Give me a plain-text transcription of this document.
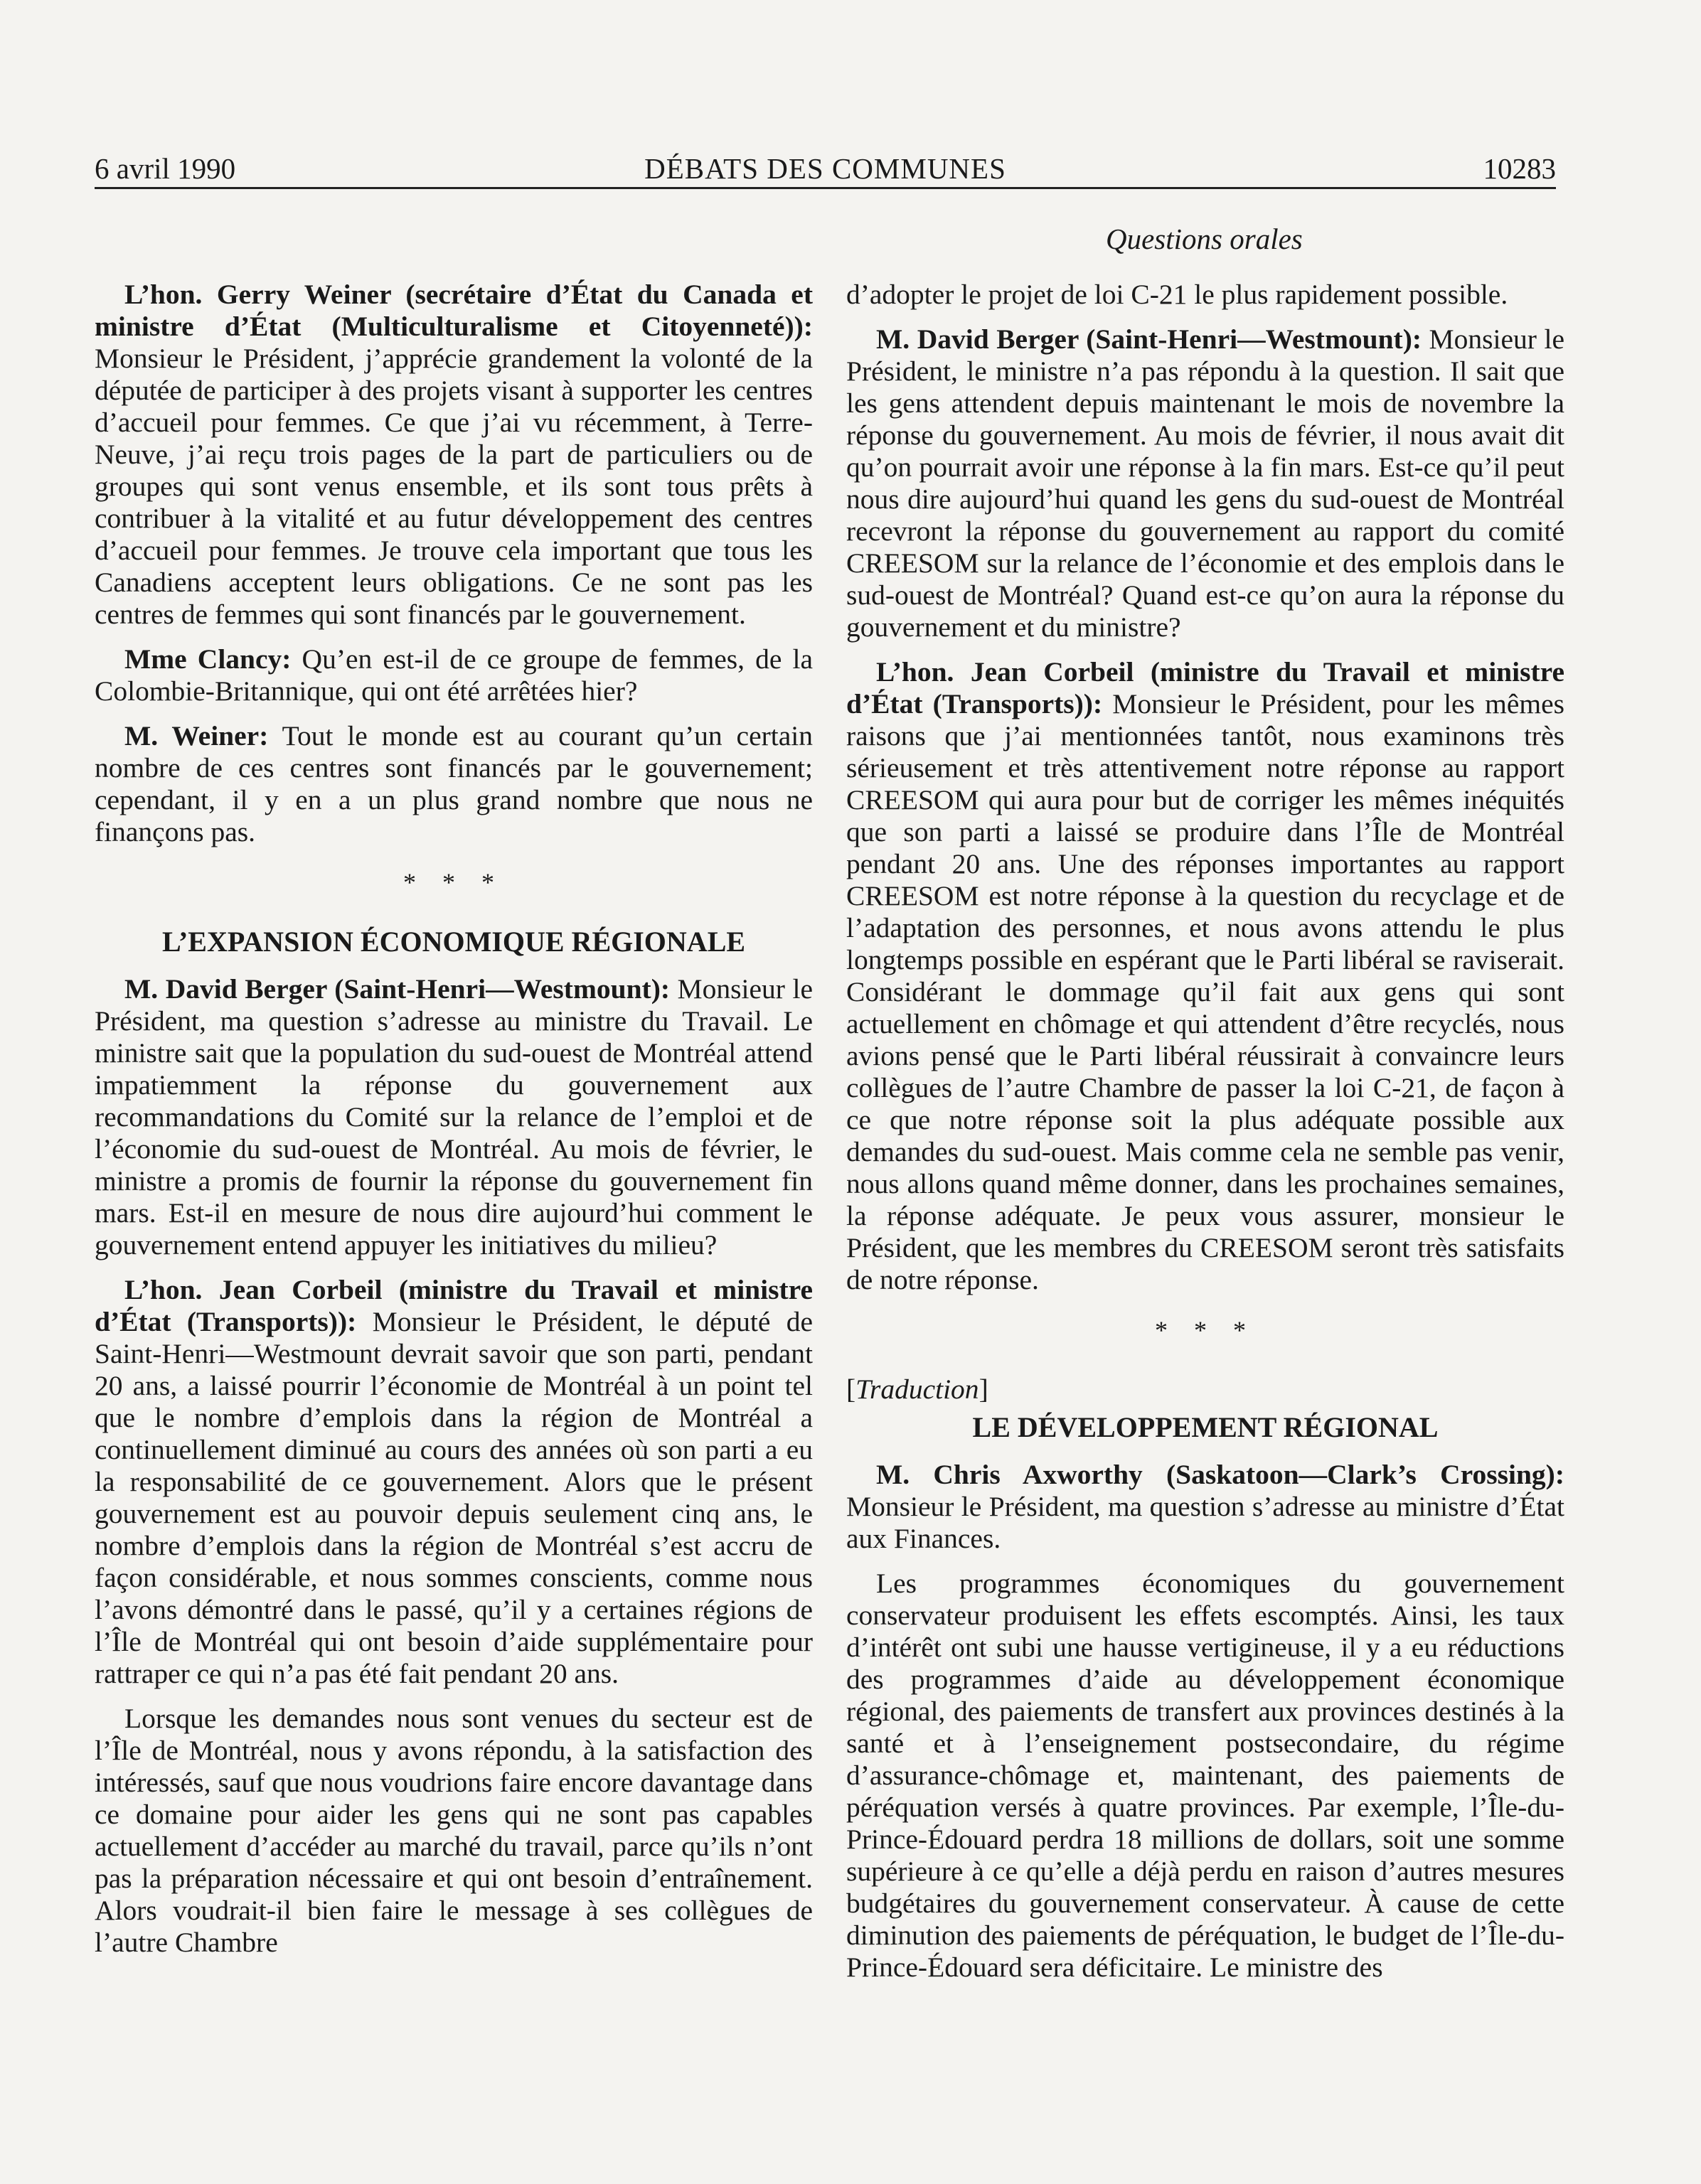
6 avril 1990	DÉBATS DES COMMUNES	10283
Questions orales

L’hon. Gerry Weiner (secrétaire d’État du Canada et ministre d’État (Multiculturalisme et Citoyenneté)): Monsieur le Président, j’apprécie grandement la volonté de la députée de participer à des projets visant à supporter les centres d’accueil pour femmes. Ce que j’ai vu récemment, à Terre-Neuve, j’ai reçu trois pages de la part de particuliers ou de groupes qui sont venus ensemble, et ils sont tous prêts à contribuer à la vitalité et au futur développement des centres d’accueil pour femmes. Je trouve cela important que tous les Canadiens acceptent leurs obligations. Ce ne sont pas les centres de femmes qui sont financés par le gouvernement.

Mme Clancy: Qu’en est-il de ce groupe de femmes, de la Colombie-Britannique, qui ont été arrêtées hier?

M. Weiner: Tout le monde est au courant qu’un certain nombre de ces centres sont financés par le gouvernement; cependant, il y en a un plus grand nombre que nous ne finançons pas.

* * *
L’EXPANSION ÉCONOMIQUE RÉGIONALE

M. David Berger (Saint-Henri—Westmount): Monsieur le Président, ma question s’adresse au ministre du Travail. Le ministre sait que la population du sud-ouest de Montréal attend impatiemment la réponse du gouvernement aux recommandations du Comité sur la relance de l’emploi et de l’économie du sud-ouest de Montréal. Au mois de février, le ministre a promis de fournir la réponse du gouvernement fin mars. Est-il en mesure de nous dire aujourd’hui comment le gouvernement entend appuyer les initiatives du milieu?

L’hon. Jean Corbeil (ministre du Travail et ministre d’État (Transports)): Monsieur le Président, le député de Saint-Henri—Westmount devrait savoir que son parti, pendant 20 ans, a laissé pourrir l’économie de Montréal à un point tel que le nombre d’emplois dans la région de Montréal a continuellement diminué au cours des années où son parti a eu la responsabilité de ce gouvernement. Alors que le présent gouvernement est au pouvoir depuis seulement cinq ans, le nombre d’emplois dans la région de Montréal s’est accru de façon considérable, et nous sommes conscients, comme nous l’avons démontré dans le passé, qu’il y a certaines régions de l’Île de Montréal qui ont besoin d’aide supplémentaire pour rattraper ce qui n’a pas été fait pendant 20 ans.

Lorsque les demandes nous sont venues du secteur est de l’Île de Montréal, nous y avons répondu, à la satisfaction des intéressés, sauf que nous voudrions faire encore davantage dans ce domaine pour aider les gens qui ne sont pas capables actuellement d’accéder au marché du travail, parce qu’ils n’ont pas la préparation nécessaire et qui ont besoin d’entraînement. Alors voudrait-il bien faire le message à ses collègues de l’autre Chambre

d’adopter le projet de loi C-21 le plus rapidement possible.

M. David Berger (Saint-Henri—Westmount): Monsieur le Président, le ministre n’a pas répondu à la question. Il sait que les gens attendent depuis maintenant le mois de novembre la réponse du gouvernement. Au mois de février, il nous avait dit qu’on pourrait avoir une réponse à la fin mars. Est-ce qu’il peut nous dire aujourd’hui quand les gens du sud-ouest de Montréal recevront la réponse du gouvernement au rapport du comité CREESOM sur la relance de l’économie et des emplois dans le sud-ouest de Montréal? Quand est-ce qu’on aura la réponse du gouvernement et du ministre?

L’hon. Jean Corbeil (ministre du Travail et ministre d’État (Transports)): Monsieur le Président, pour les mêmes raisons que j’ai mentionnées tantôt, nous examinons très sérieusement et très attentivement notre réponse au rapport CREESOM qui aura pour but de corriger les mêmes inéquités que son parti a laissé se produire dans l’Île de Montréal pendant 20 ans. Une des réponses importantes au rapport CREESOM est notre réponse à la question du recyclage et de l’adaptation des personnes, et nous avons attendu le plus longtemps possible en espérant que le Parti libéral se raviserait. Considérant le dommage qu’il fait aux gens qui sont actuellement en chômage et qui attendent d’être recyclés, nous avions pensé que le Parti libéral réussirait à convaincre leurs collègues de l’autre Chambre de passer la loi C-21, de façon à ce que notre réponse soit la plus adéquate possible aux demandes du sud-ouest. Mais comme cela ne semble pas venir, nous allons quand même donner, dans les prochaines semaines, la réponse adéquate. Je peux vous assurer, monsieur le Président, que les membres du CREESOM seront très satisfaits de notre réponse.

* * *
[Traduction]
LE DÉVELOPPEMENT RÉGIONAL

M. Chris Axworthy (Saskatoon—Clark’s Crossing): Monsieur le Président, ma question s’adresse au ministre d’État aux Finances.

Les programmes économiques du gouvernement conservateur produisent les effets escomptés. Ainsi, les taux d’intérêt ont subi une hausse vertigineuse, il y a eu réductions des programmes d’aide au développement économique régional, des paiements de transfert aux provinces destinés à la santé et à l’enseignement postsecondaire, du régime d’assurance-chômage et, maintenant, des paiements de péréquation versés à quatre provinces. Par exemple, l’Île-du-Prince-Édouard perdra 18 millions de dollars, soit une somme supérieure à ce qu’elle a déjà perdu en raison d’autres mesures budgétaires du gouvernement conservateur. À cause de cette diminution des paiements de péréquation, le budget de l’Île-du-Prince-Édouard sera déficitaire. Le ministre des
